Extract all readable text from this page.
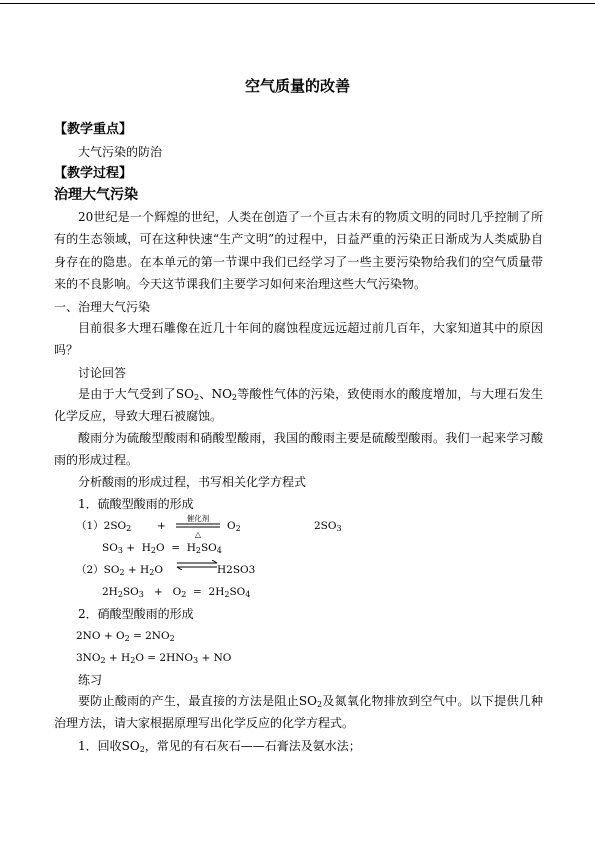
空气质量的改善
【教学重点】
大气污染的防治
【教学过程】
治理大气污染
20世纪是一个辉煌的世纪，人类在创造了一个亘古未有的物质文明的同时几乎控制了所有的生态领域，可在这种快速“生产文明”的过程中，日益严重的污染正日渐成为人类威胁自身存在的隐患。在本单元的第一节课中我们已经学习了一些主要污染物给我们的空气质量带来的不良影响。今天这节课我们主要学习如何来治理这些大气污染物。
一、治理大气污染
目前很多大理石雕像在近几十年间的腐蚀程度远远超过前几百年，大家知道其中的原因吗？
讨论回答
是由于大气受到了$SO_2$、$NO_2$等酸性气体的污染，致使雨水的酸度增加，与大理石发生化学反应，导致大理石被腐蚀。
酸雨分为硫酸型酸雨和硝酸型酸雨，我国的酸雨主要是硫酸型酸雨。我们一起来学习酸雨的形成过程。
分析酸雨的形成过程，书写相关化学方程式
1．硫酸型酸雨的形成
$(1)2SO_2$ +
催化剂
△
$O_2$	$2SO_3$
$SO_3 + H_2O = H_2SO_4$
$(2)SO_2 + H_2O$ ⇌ H2SO3
$2H_2SO_3 + O_2 = 2H_2SO_4$
2．硝酸型酸雨的形成
$2NO + O_2 = 2NO_2$
$3NO_2 + H_2O = 2HNO_3$ + NO
练习
要防止酸雨的产生，最直接的方法是阻止$SO_2$及氮氧化物排放到空气中。以下提供几种治理方法，请大家根据原理写出化学反应的化学方程式。
1．回收$SO_2$，常见的有石灰石——石膏法及氨水法；
